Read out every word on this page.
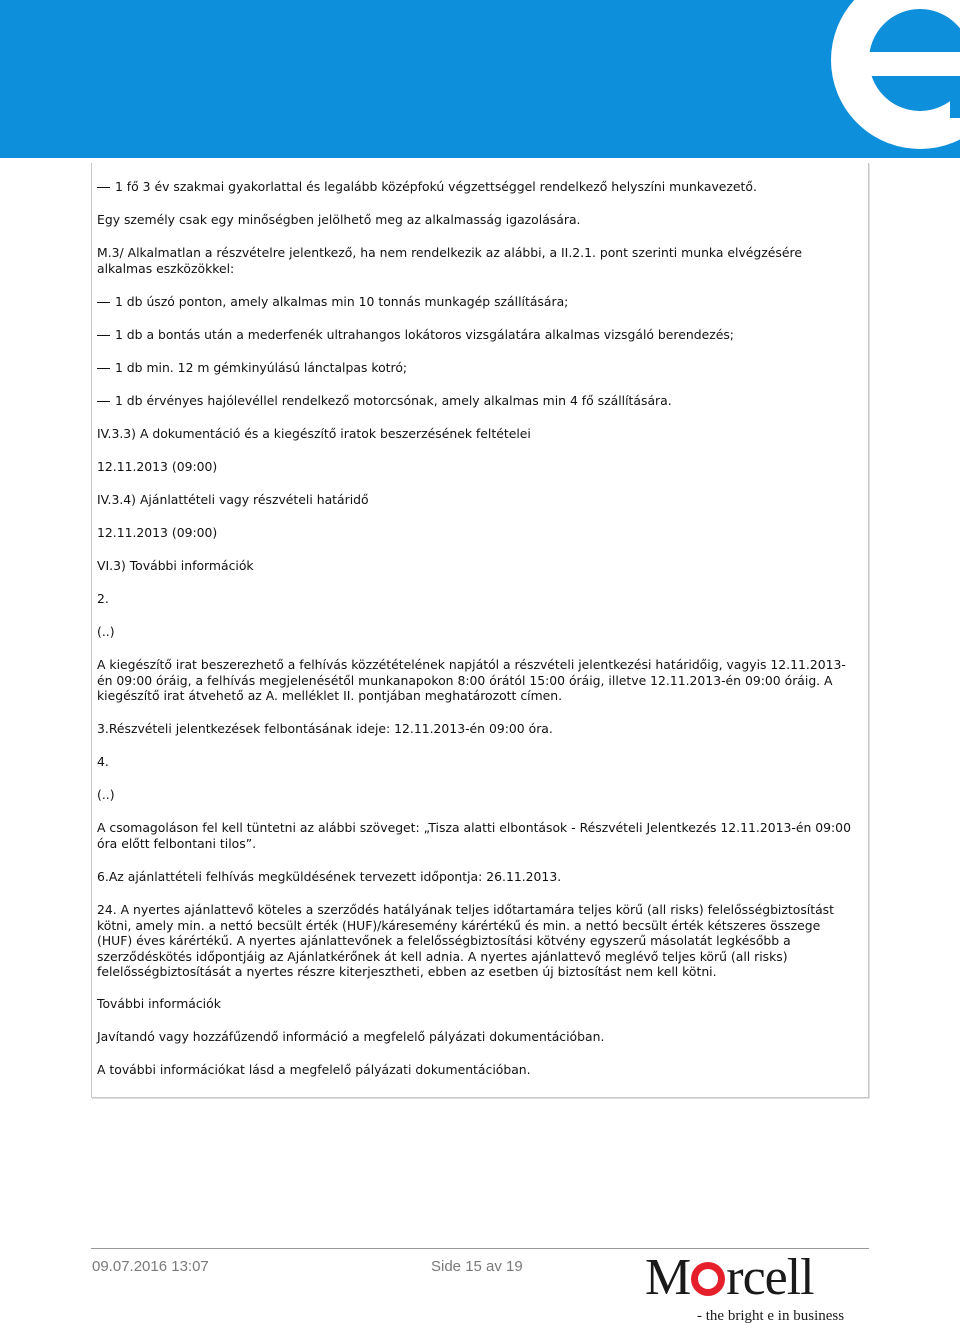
1 fő 3 év szakmai gyakorlattal és legalább középfokú végzettséggel rendelkező helyszíni munkavezető.
Egy személy csak egy minőségben jelölhető meg az alkalmasság igazolására.
M.3/ Alkalmatlan a részvételre jelentkező, ha nem rendelkezik az alábbi, a II.2.1. pont szerinti munka elvégzésére alkalmas eszközökkel:
1 db úszó ponton, amely alkalmas min 10 tonnás munkagép szállítására;
1 db a bontás után a mederfenék ultrahangos lokátoros vizsgálatára alkalmas vizsgáló berendezés;
1 db min. 12 m gémkinyúlású lánctalpas kotró;
1 db érvényes hajólevéllel rendelkező motorcsónak, amely alkalmas min 4 fő szállítására.
IV.3.3) A dokumentáció és a kiegészítő iratok beszerzésének feltételei
12.11.2013 (09:00)
IV.3.4) Ajánlattételi vagy részvételi határidő
12.11.2013 (09:00)
VI.3) További információk
2.
(..)
A kiegészítő irat beszerezhető a felhívás közzétételének napjától a részvételi jelentkezési határidőig, vagyis 12.11.2013-én 09:00 óráig, a felhívás megjelenésétől munkanapokon 8:00 órától 15:00 óráig, illetve 12.11.2013-én 09:00 óráig. A kiegészítő irat átvehető az A. melléklet II. pontjában meghatározott címen.
3.Részvételi jelentkezések felbontásának ideje: 12.11.2013-én 09:00 óra.
4.
(..)
A csomagoláson fel kell tüntetni az alábbi szöveget: „Tisza alatti elbontások - Részvételi Jelentkezés 12.11.2013-én 09:00 óra előtt felbontani tilos”.
6.Az ajánlattételi felhívás megküldésének tervezett időpontja: 26.11.2013.
24. A nyertes ajánlattevő köteles a szerződés hatályának teljes időtartamára teljes körű (all risks) felelősségbiztosítást kötni, amely min. a nettó becsült érték (HUF)/káresemény kárértékű és min. a nettó becsült érték kétszeres összege (HUF) éves kárértékű. A nyertes ajánlattevőnek a felelősségbiztosítási kötvény egyszerű másolatát legkésőbb a szerződéskötés időpontjáig az Ajánlatkérőnek át kell adnia. A nyertes ajánlattevő meglévő teljes körű (all risks) felelősségbiztosítását a nyertes részre kiterjesztheti, ebben az esetben új biztosítást nem kell kötni.
További információk
Javítandó vagy hozzáfűzendő információ a megfelelő pályázati dokumentációban.
A további információkat lásd a megfelelő pályázati dokumentációban.
09.07.2016 13:07	Side 15 av 19 M rcell
- the bright e in business
